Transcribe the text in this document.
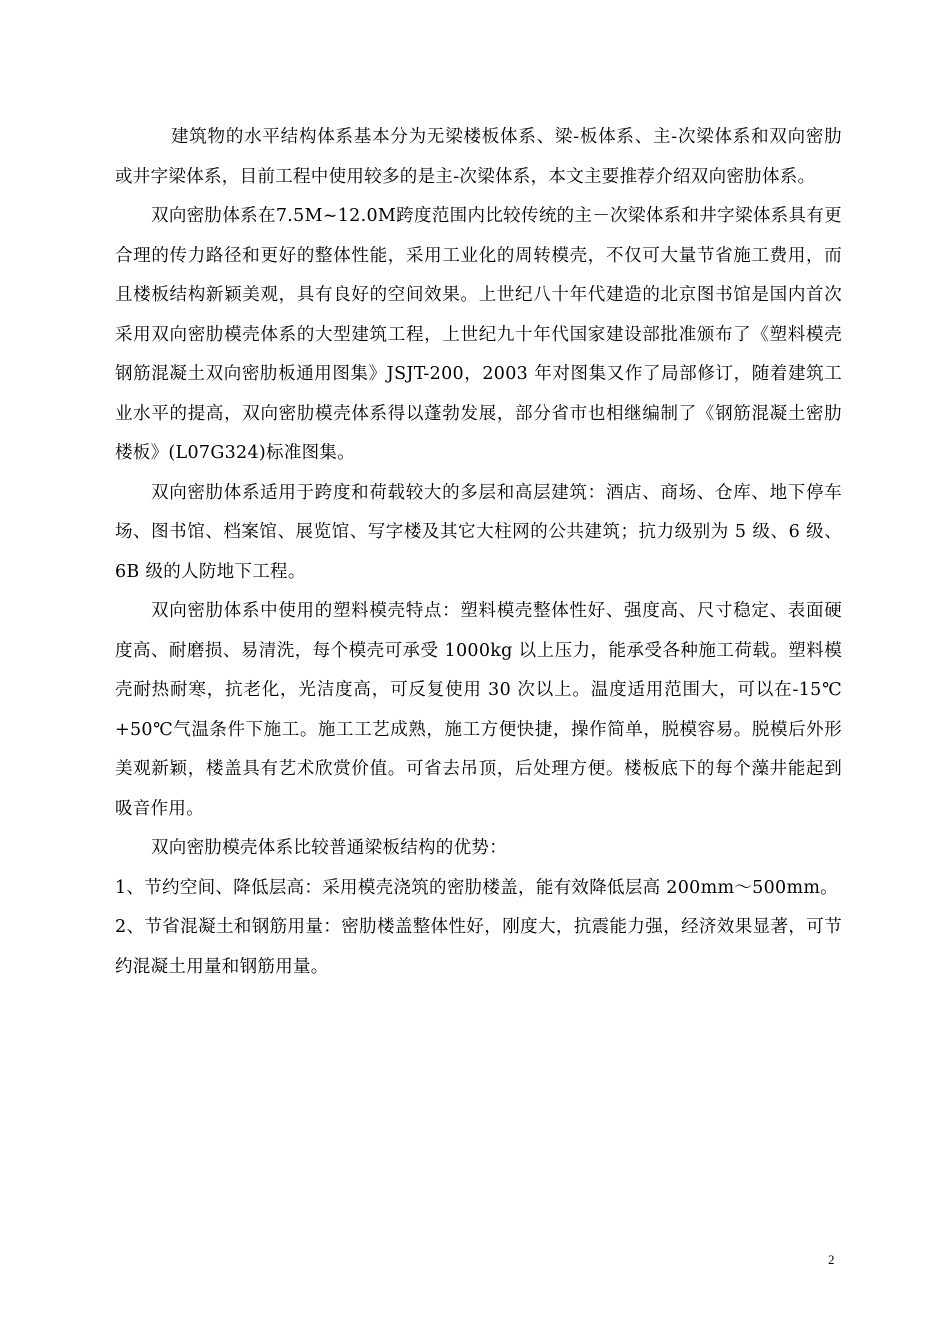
建筑物的水平结构体系基本分为无梁楼板体系、梁-板体系、主-次梁体系和双向密肋或井字梁体系，目前工程中使用较多的是主-次梁体系，本文主要推荐介绍双向密肋体系。

双向密肋体系在7.5M~12.0M跨度范围内比较传统的主－次梁体系和井字梁体系具有更合理的传力路径和更好的整体性能，采用工业化的周转模壳，不仅可大量节省施工费用，而且楼板结构新颖美观，具有良好的空间效果。上世纪八十年代建造的北京图书馆是国内首次采用双向密肋模壳体系的大型建筑工程，上世纪九十年代国家建设部批准颁布了《塑料模壳钢筋混凝土双向密肋板通用图集》JSJT-200，2003 年对图集又作了局部修订，随着建筑工业水平的提高，双向密肋模壳体系得以蓬勃发展，部分省市也相继编制了《钢筋混凝土密肋楼板》(L07G324)标准图集。

双向密肋体系适用于跨度和荷载较大的多层和高层建筑：酒店、商场、仓库、地下停车场、图书馆、档案馆、展览馆、写字楼及其它大柱网的公共建筑；抗力级别为 5 级、6 级、6B 级的人防地下工程。

双向密肋体系中使用的塑料模壳特点：塑料模壳整体性好、强度高、尺寸稳定、表面硬度高、耐磨损、易清洗，每个模壳可承受 1000kg 以上压力，能承受各种施工荷载。塑料模壳耐热耐寒，抗老化，光洁度高，可反复使用 30 次以上。温度适用范围大，可以在-15℃+50℃气温条件下施工。施工工艺成熟，施工方便快捷，操作简单，脱模容易。脱模后外形美观新颖，楼盖具有艺术欣赏价值。可省去吊顶，后处理方便。楼板底下的每个藻井能起到吸音作用。

双向密肋模壳体系比较普通梁板结构的优势：

1、节约空间、降低层高：采用模壳浇筑的密肋楼盖，能有效降低层高 200mm～500mm。

2、节省混凝土和钢筋用量：密肋楼盖整体性好，刚度大，抗震能力强，经济效果显著，可节约混凝土用量和钢筋用量。

2
